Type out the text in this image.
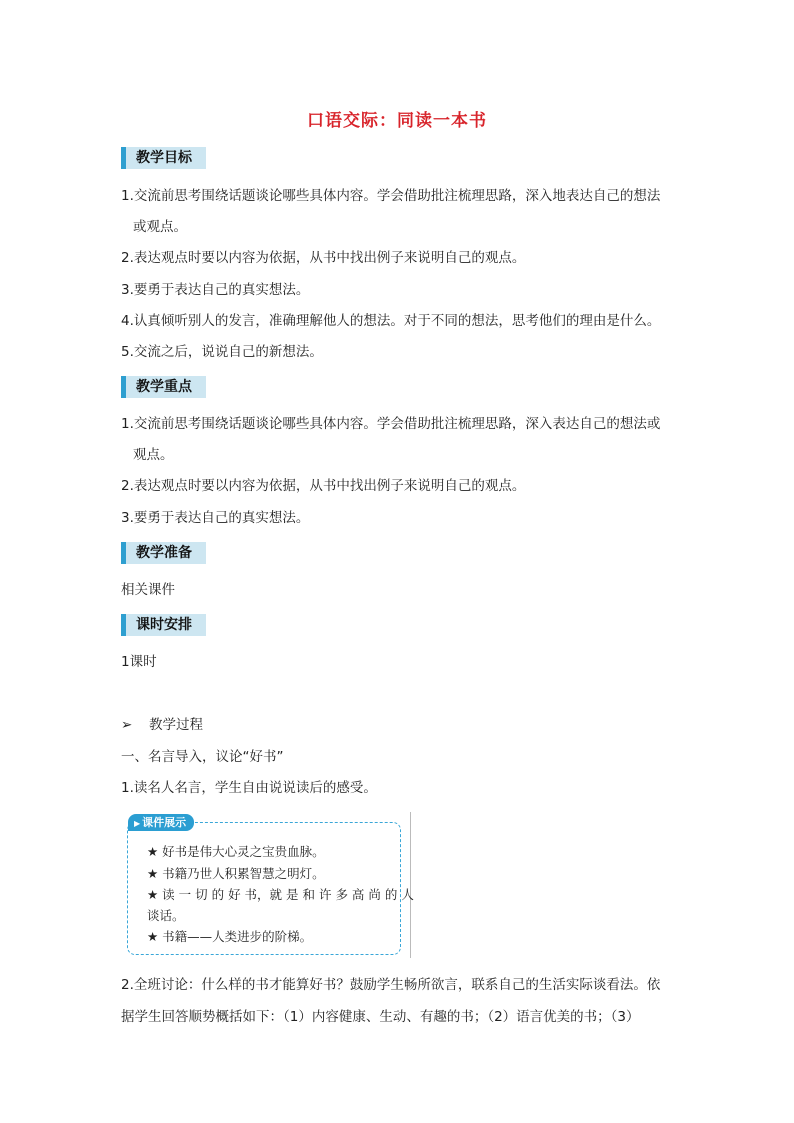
口语交际：同读一本书
教学目标
1.交流前思考围绕话题谈论哪些具体内容。学会借助批注梳理思路，深入地表达自己的想法
或观点。
2.表达观点时要以内容为依据，从书中找出例子来说明自己的观点。
3.要勇于表达自己的真实想法。
4.认真倾听别人的发言，准确理解他人的想法。对于不同的想法，思考他们的理由是什么。
5.交流之后，说说自己的新想法。
教学重点
1.交流前思考围绕话题谈论哪些具体内容。学会借助批注梳理思路，深入表达自己的想法或
观点。
2.表达观点时要以内容为依据，从书中找出例子来说明自己的观点。
3.要勇于表达自己的真实想法。
教学准备
相关课件
课时安排
1课时
➢ 教学过程
一、名言导入，议论“好书”
1.读名人名言，学生自由说说读后的感受。
▶ 课件展示
★ 好书是伟大心灵之宝贵血脉。
★ 书籍乃世人积累智慧之明灯。
★ 读 一 切 的 好 书，就 是 和 许 多 高 尚 的 人
谈话。
★ 书籍——人类进步的阶梯。
2.全班讨论：什么样的书才能算好书？鼓励学生畅所欲言，联系自己的生活实际谈看法。依
据学生回答顺势概括如下：（1）内容健康、生动、有趣的书；（2）语言优美的书；（3）
